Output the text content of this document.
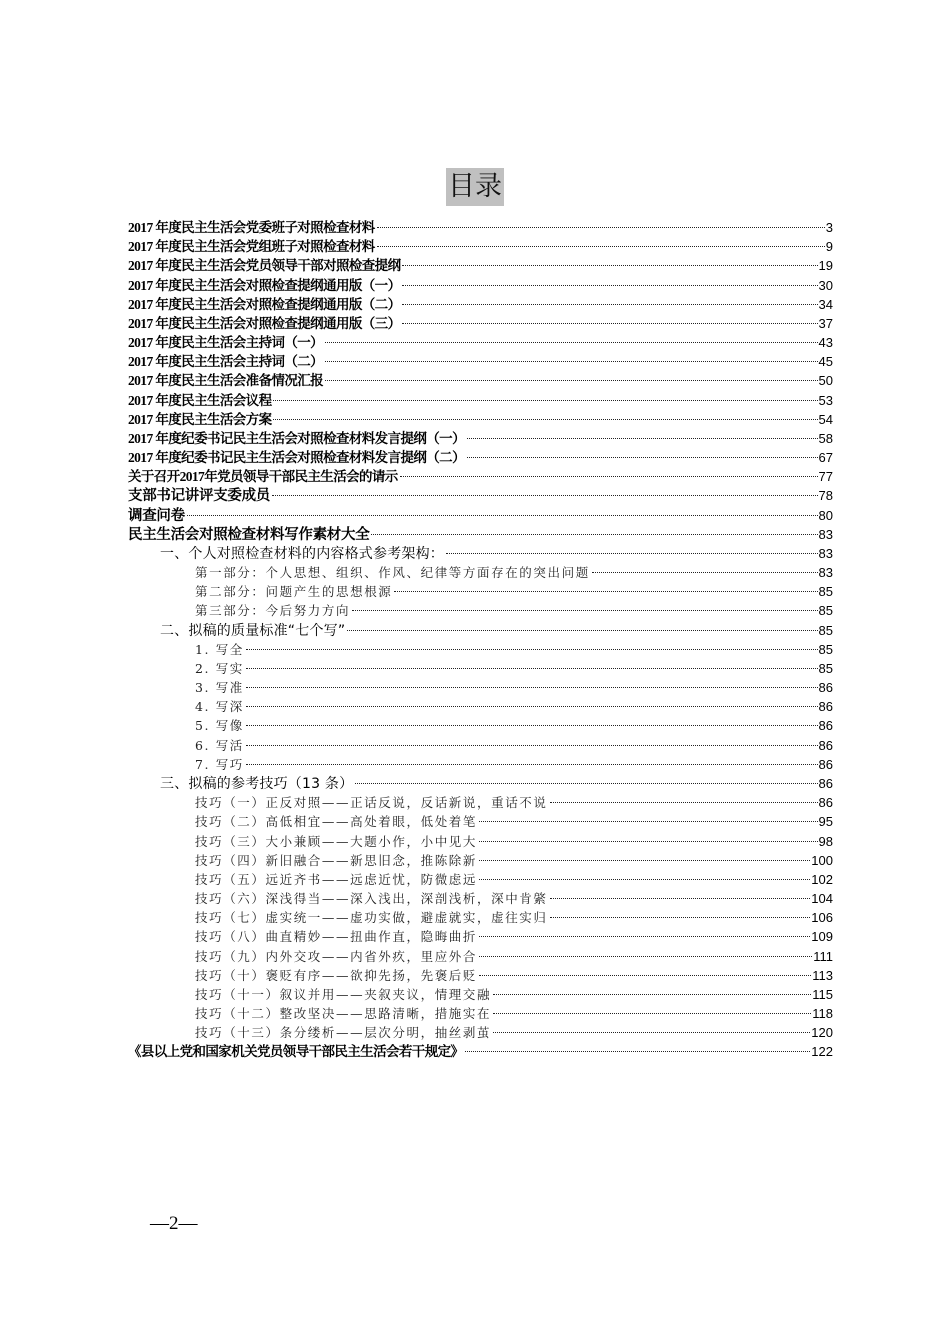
目录
2017 年度民主生活会党委班子对照检查材料	3
2017 年度民主生活会党组班子对照检查材料	9
2017 年度民主生活会党员领导干部对照检查提纲	19
2017 年度民主生活会对照检查提纲通用版（一）	30
2017 年度民主生活会对照检查提纲通用版（二）	34
2017 年度民主生活会对照检查提纲通用版（三）	37
2017 年度民主生活会主持词（一）	43
2017 年度民主生活会主持词（二）	45
2017 年度民主生活会准备情况汇报	50
2017 年度民主生活会议程	53
2017 年度民主生活会方案	54
2017 年度纪委书记民主生活会对照检查材料发言提纲（一）	58
2017 年度纪委书记民主生活会对照检查材料发言提纲（二）	67
关于召开2017年党员领导干部民主生活会的请示	77
支部书记讲评支委成员	78
调查问卷	80
民主生活会对照检查材料写作素材大全	83
一、个人对照检查材料的内容格式参考架构：	83
第一部分：个人思想、组织、作风、纪律等方面存在的突出问题	83
第二部分：问题产生的思想根源	85
第三部分：今后努力方向	85
二、拟稿的质量标准“七个写”	85
1. 写全	85
2. 写实	85
3. 写准	86
4. 写深	86
5. 写像	86
6. 写活	86
7. 写巧	86
三、拟稿的参考技巧（13 条）	86
技巧（一）正反对照——正话反说，反话新说，重话不说	86
技巧（二）高低相宜——高处着眼，低处着笔	95
技巧（三）大小兼顾——大题小作，小中见大	98
技巧（四）新旧融合——新思旧念，推陈除新	100
技巧（五）远近齐书——远虑近忧，防微虑远	102
技巧（六）深浅得当——深入浅出，深剖浅析，深中肯綮	104
技巧（七）虚实统一——虚功实做，避虚就实，虚往实归	106
技巧（八）曲直精妙——扭曲作直，隐晦曲折	109
技巧（九）内外交攻——内省外疚，里应外合	111
技巧（十）褒贬有序——欲抑先扬，先褒后贬	113
技巧（十一）叙议并用——夹叙夹议，情理交融	115
技巧（十二）整改坚决——思路清晰，措施实在	118
技巧（十三）条分缕析——层次分明，抽丝剥茧	120
《县以上党和国家机关党员领导干部民主生活会若干规定》	122
—2—
